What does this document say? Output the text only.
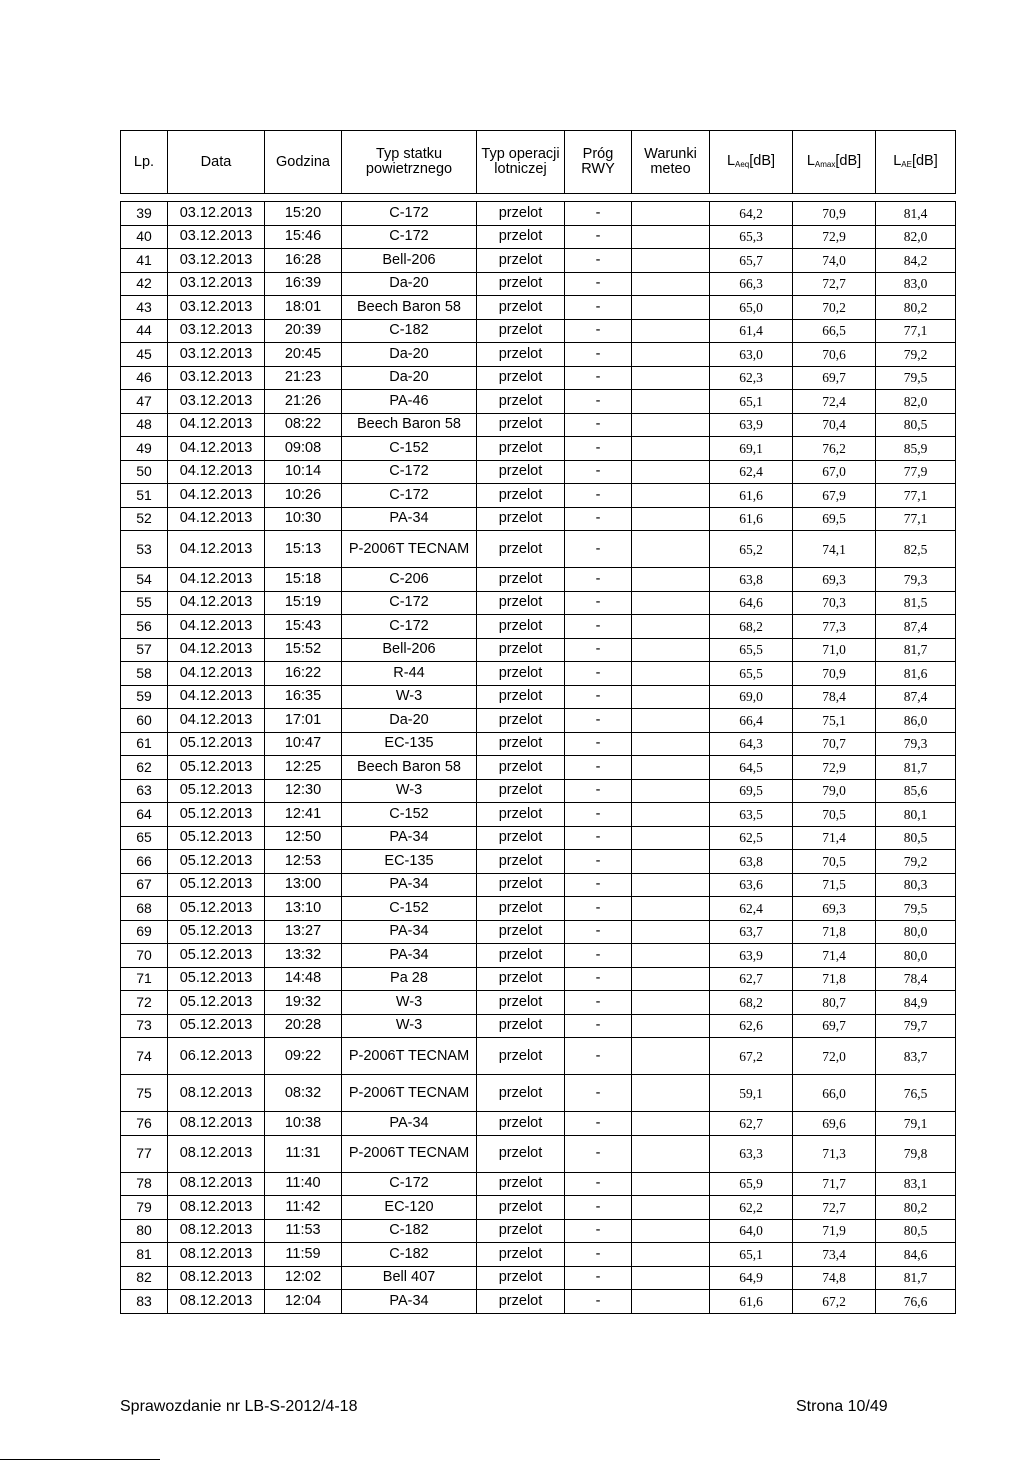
Lp.	Data	Godzina	Typ statku powietrznego	Typ operacji lotniczej	Próg RWY	Warunki meteo	$L_{Aeq}[dB]$	$L_{Amax}[dB]$	$L_{AE}[dB]$

39	03.12.2013	15:20	C-172	przelot	-		64,2	70,9	81,4
40	03.12.2013	15:46	C-172	przelot	-		65,3	72,9	82,0
41	03.12.2013	16:28	Bell-206	przelot	-		65,7	74,0	84,2
42	03.12.2013	16:39	Da-20	przelot	-		66,3	72,7	83,0
43	03.12.2013	18:01	Beech Baron 58	przelot	-		65,0	70,2	80,2
44	03.12.2013	20:39	C-182	przelot	-		61,4	66,5	77,1
45	03.12.2013	20:45	Da-20	przelot	-		63,0	70,6	79,2
46	03.12.2013	21:23	Da-20	przelot	-		62,3	69,7	79,5
47	03.12.2013	21:26	PA-46	przelot	-		65,1	72,4	82,0
48	04.12.2013	08:22	Beech Baron 58	przelot	-		63,9	70,4	80,5
49	04.12.2013	09:08	C-152	przelot	-		69,1	76,2	85,9
50	04.12.2013	10:14	C-172	przelot	-		62,4	67,0	77,9
51	04.12.2013	10:26	C-172	przelot	-		61,6	67,9	77,1
52	04.12.2013	10:30	PA-34	przelot	-		61,6	69,5	77,1
53	04.12.2013	15:13	P-2006T TECNAM	przelot	-		65,2	74,1	82,5
54	04.12.2013	15:18	C-206	przelot	-		63,8	69,3	79,3
55	04.12.2013	15:19	C-172	przelot	-		64,6	70,3	81,5
56	04.12.2013	15:43	C-172	przelot	-		68,2	77,3	87,4
57	04.12.2013	15:52	Bell-206	przelot	-		65,5	71,0	81,7
58	04.12.2013	16:22	R-44	przelot	-		65,5	70,9	81,6
59	04.12.2013	16:35	W-3	przelot	-		69,0	78,4	87,4
60	04.12.2013	17:01	Da-20	przelot	-		66,4	75,1	86,0
61	05.12.2013	10:47	EC-135	przelot	-		64,3	70,7	79,3
62	05.12.2013	12:25	Beech Baron 58	przelot	-		64,5	72,9	81,7
63	05.12.2013	12:30	W-3	przelot	-		69,5	79,0	85,6
64	05.12.2013	12:41	C-152	przelot	-		63,5	70,5	80,1
65	05.12.2013	12:50	PA-34	przelot	-		62,5	71,4	80,5
66	05.12.2013	12:53	EC-135	przelot	-		63,8	70,5	79,2
67	05.12.2013	13:00	PA-34	przelot	-		63,6	71,5	80,3
68	05.12.2013	13:10	C-152	przelot	-		62,4	69,3	79,5
69	05.12.2013	13:27	PA-34	przelot	-		63,7	71,8	80,0
70	05.12.2013	13:32	PA-34	przelot	-		63,9	71,4	80,0
71	05.12.2013	14:48	Pa 28	przelot	-		62,7	71,8	78,4
72	05.12.2013	19:32	W-3	przelot	-		68,2	80,7	84,9
73	05.12.2013	20:28	W-3	przelot	-		62,6	69,7	79,7
74	06.12.2013	09:22	P-2006T TECNAM	przelot	-		67,2	72,0	83,7
75	08.12.2013	08:32	P-2006T TECNAM	przelot	-		59,1	66,0	76,5
76	08.12.2013	10:38	PA-34	przelot	-		62,7	69,6	79,1
77	08.12.2013	11:31	P-2006T TECNAM	przelot	-		63,3	71,3	79,8
78	08.12.2013	11:40	C-172	przelot	-		65,9	71,7	83,1
79	08.12.2013	11:42	EC-120	przelot	-		62,2	72,7	80,2
80	08.12.2013	11:53	C-182	przelot	-		64,0	71,9	80,5
81	08.12.2013	11:59	C-182	przelot	-		65,1	73,4	84,6
82	08.12.2013	12:02	Bell 407	przelot	-		64,9	74,8	81,7
83	08.12.2013	12:04	PA-34	przelot	-		61,6	67,2	76,6
Sprawozdanie nr LB-S-2012/4-18	Strona 10/49
